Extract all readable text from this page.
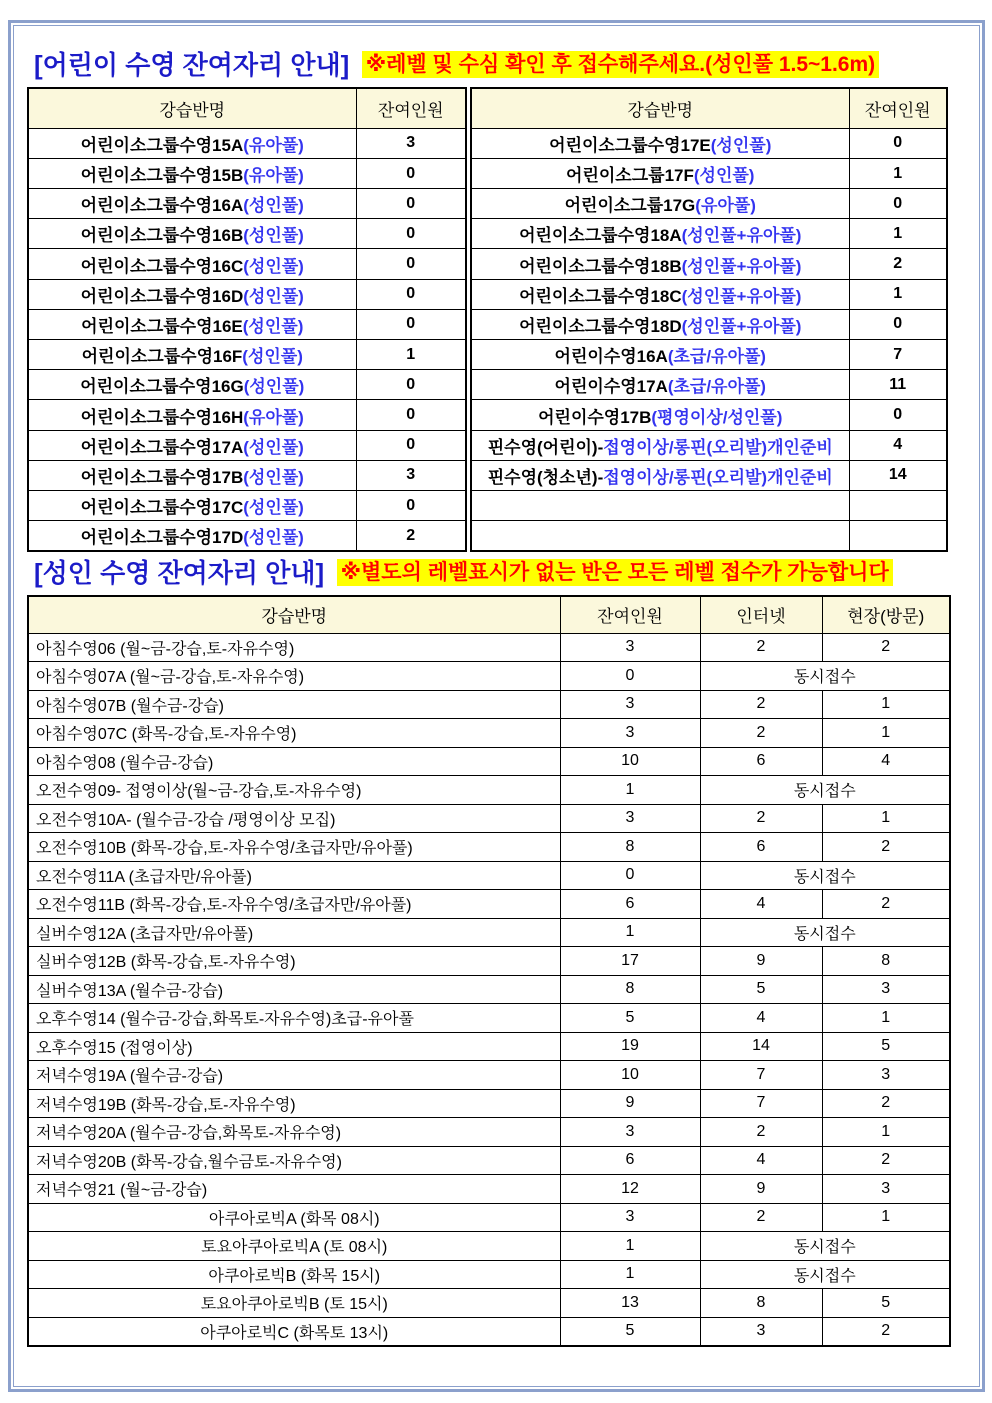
[어린이 수영 잔여자리 안내] ※레벨 및 수심 확인 후 접수해주세요.(성인풀 1.5~1.6m)
강습반명	잔여인원
어린이소그룹수영15A(유아풀)	3
어린이소그룹수영15B(유아풀)	0
어린이소그룹수영16A(성인풀)	0
어린이소그룹수영16B(성인풀)	0
어린이소그룹수영16C(성인풀)	0
어린이소그룹수영16D(성인풀)	0
어린이소그룹수영16E(성인풀)	0
어린이소그룹수영16F(성인풀)	1
어린이소그룹수영16G(성인풀)	0
어린이소그룹수영16H(유아풀)	0
어린이소그룹수영17A(성인풀)	0
어린이소그룹수영17B(성인풀)	3
어린이소그룹수영17C(성인풀)	0
어린이소그룹수영17D(성인풀)	2
강습반명	잔여인원
어린이소그룹수영17E(성인풀)	0
어린이소그룹17F(성인풀)	1
어린이소그룹17G(유아풀)	0
어린이소그룹수영18A(성인풀+유아풀)	1
어린이소그룹수영18B(성인풀+유아풀)	2
어린이소그룹수영18C(성인풀+유아풀)	1
어린이소그룹수영18D(성인풀+유아풀)	0
어린이수영16A(초급/유아풀)	7
어린이수영17A(초급/유아풀)	11
어린이수영17B(평영이상/성인풀)	0
핀수영(어린이)-접영이상/롱핀(오리발)개인준비	4
핀수영(청소년)-접영이상/롱핀(오리발)개인준비	14

[성인 수영 잔여자리 안내] ※별도의 레벨표시가 없는 반은 모든 레벨 접수가 가능합니다
강습반명	잔여인원	인터넷	현장(방문)
아침수영06 (월~금-강습,토-자유수영)	3	2	2
아침수영07A (월~금-강습,토-자유수영)	0	동시접수	
아침수영07B (월수금-강습)	3	2	1
아침수영07C (화목-강습,토-자유수영)	3	2	1
아침수영08 (월수금-강습)	10	6	4
오전수영09- 접영이상(월~금-강습,토-자유수영)	1	동시접수	
오전수영10A- (월수금-강습 /평영이상 모집)	3	2	1
오전수영10B (화목-강습,토-자유수영/초급자만/유아풀)	8	6	2
오전수영11A (초급자만/유아풀)	0	동시접수	
오전수영11B (화목-강습,토-자유수영/초급자만/유아풀)	6	4	2
실버수영12A (초급자만/유아풀)	1	동시접수	
실버수영12B (화목-강습,토-자유수영)	17	9	8
실버수영13A (월수금-강습)	8	5	3
오후수영14 (월수금-강습,화목토-자유수영)초급-유아풀	5	4	1
오후수영15 (접영이상)	19	14	5
저녁수영19A (월수금-강습)	10	7	3
저녁수영19B (화목-강습,토-자유수영)	9	7	2
저녁수영20A (월수금-강습,화목토-자유수영)	3	2	1
저녁수영20B (화목-강습,월수금토-자유수영)	6	4	2
저녁수영21 (월~금-강습)	12	9	3
아쿠아로빅A (화목 08시)	3	2	1
토요아쿠아로빅A (토 08시)	1	동시접수	
아쿠아로빅B (화목 15시)	1	동시접수	
토요아쿠아로빅B (토 15시)	13	8	5
아쿠아로빅C (화목토 13시)	5	3	2
